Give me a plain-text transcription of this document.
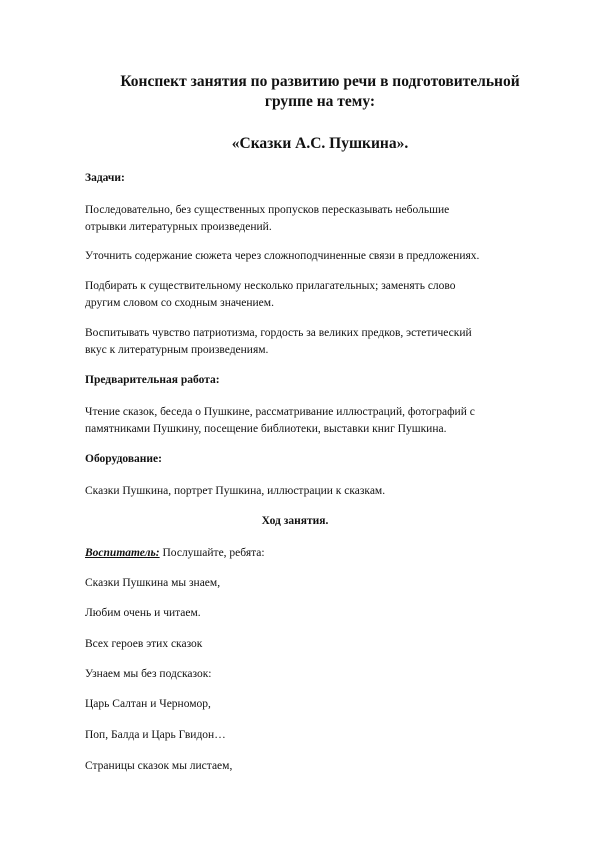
Конспект занятия по развитию речи в подготовительной

группе на тему:

«Сказки А.С. Пушкина».

Задачи:

Последовательно, без существенных пропусков пересказывать небольшие

отрывки литературных произведений.

Уточнить содержание сюжета через сложноподчиненные связи в предложениях.

Подбирать к существительному несколько прилагательных; заменять слово

другим словом со сходным значением.

Воспитывать чувство патриотизма, гордость за великих предков, эстетический

вкус к литературным произведениям.

Предварительная работа:

Чтение сказок, беседа о Пушкине, рассматривание иллюстраций, фотографий с

памятниками Пушкину, посещение библиотеки, выставки книг Пушкина.

Оборудование:

Сказки Пушкина, портрет Пушкина, иллюстрации к сказкам.

Ход занятия.

Воспитатель: Послушайте, ребята:

Сказки Пушкина мы знаем,

Любим очень и читаем.

Всех героев этих сказок

Узнаем мы без подсказок:

Царь Салтан и Черномор,

Поп, Балда и Царь Гвидон…

Страницы сказок мы листаем,
